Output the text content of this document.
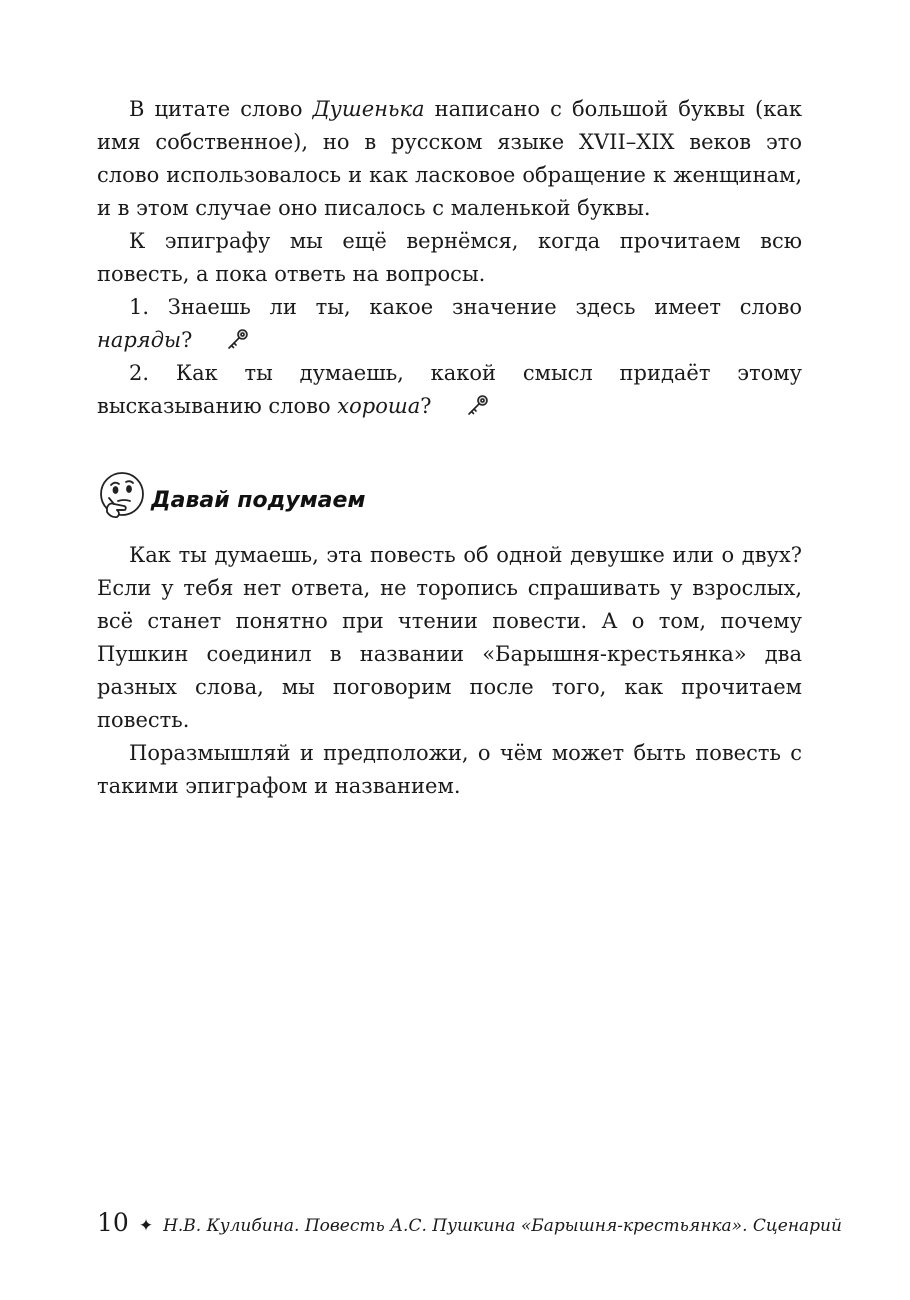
В цитате слово Душенька написано с большой буквы (как имя собственное), но в русском языке XVII–XIX веков это слово использовалось и как ласковое обращение к женщинам, и в этом случае оно писалось с маленькой буквы.

К эпиграфу мы ещё вернёмся, когда прочитаем всю повесть, а пока ответь на вопросы.

1. Знаешь ли ты, какое значение здесь имеет слово наряды?

2. Как ты думаешь, какой смысл придаёт этому высказыванию слово хороша?

Давай подумаем

Как ты думаешь, эта повесть об одной девушке или о двух? Если у тебя нет ответа, не торопись спрашивать у взрослых, всё станет понятно при чтении повести. А о том, почему Пушкин соединил в названии «Барышня-крестьянка» два разных слова, мы поговорим после того, как прочитаем повесть.

Поразмышляй и предположи, о чём может быть повесть с такими эпиграфом и названием.

10 ✦ Н.В. Кулибина. Повесть А.С. Пушкина «Барышня-крестьянка». Сценарий
